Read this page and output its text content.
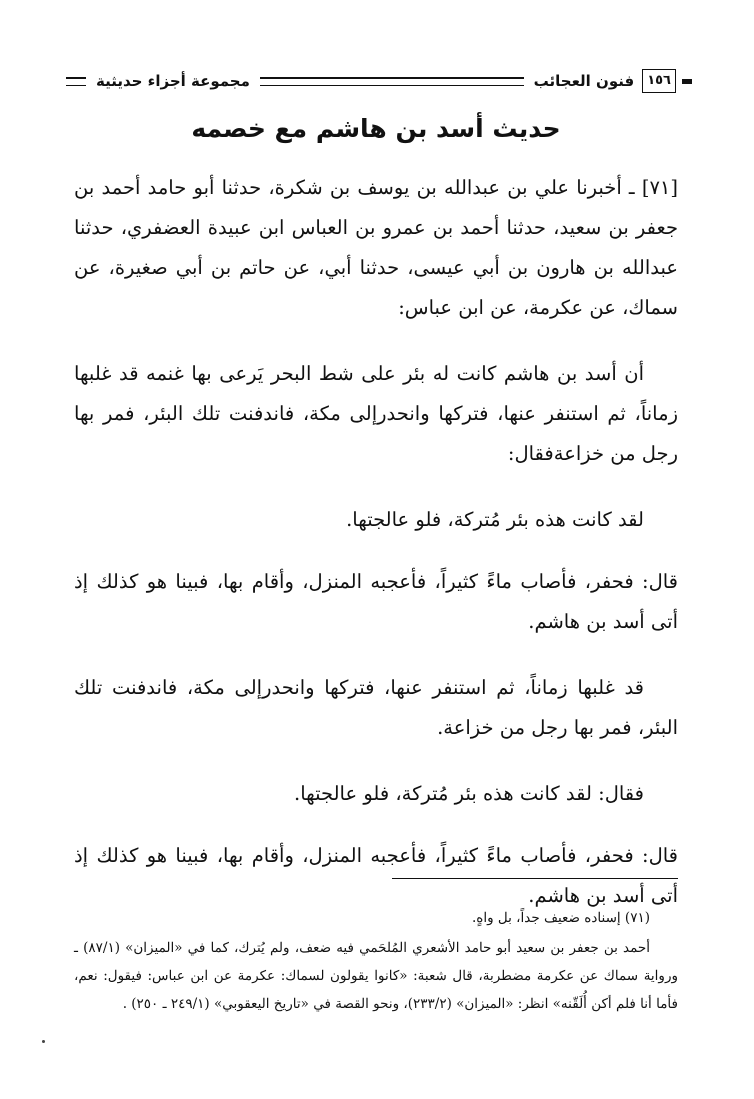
١٥٦
فنون العجائب
مجموعة أجزاء حديثية
حديث أسد بن هاشم مع خصمه

[٧١] ـ أخبرنا علي بن عبدالله بن يوسف بن شكرة، حدثنا أبو حامد أحمد بن جعفر بن سعيد، حدثنا أحمد بن عمرو بن العباس ابن عبيدة العضفري، حدثنا عبدالله بن هارون بن أبي عيسى، حدثنا أبي، عن حاتم بن أبي صغيرة، عن سماك، عن عكرمة، عن ابن عباس:

أن أسد بن هاشم كانت له بئر على شط البحر يَرعى بها غنمه قد غلبها زماناً، ثم استنفر عنها، فتركها وانحدرإلى مكة، فاندفنت تلك البئر، فمر بها رجل من خزاعةفقال:

لقد كانت هذه بئر مُتركة، فلو عالجتها.

قال: فحفر، فأصاب ماءً كثيراً، فأعجبه المنزل، وأقام بها، فبينا هو كذلك إذ أتى أسد بن هاشم.

قد غلبها زماناً، ثم استنفر عنها، فتركها وانحدرإلى مكة، فاندفنت تلك البئر، فمر بها رجل من خزاعة.

فقال: لقد كانت هذه بئر مُتركة، فلو عالجتها.

قال: فحفر، فأصاب ماءً كثيراً، فأعجبه المنزل، وأقام بها، فبينا هو كذلك إذ أتى أسد بن هاشم.

(٧١) إسناده ضعيف جداً، بل واهٍ.

أحمد بن جعفر بن سعيد أبو حامد الأشعري المُلحَمي فيه ضعف، ولم يُترك، كما في «الميزان» (٨٧/١) ـ ورواية سماك عن عكرمة مضطربة، قال شعبة: «كانوا يقولون لسماك: عكرمة عن ابن عباس: فيقول: نعم، فأما أنا فلم أكن أُلَقّنه» انظر: «الميزان» (٢٣٣/٢)، ونحو القصة في «تاريخ اليعقوبي» (٢٤٩/١ ـ ٢٥٠) .
